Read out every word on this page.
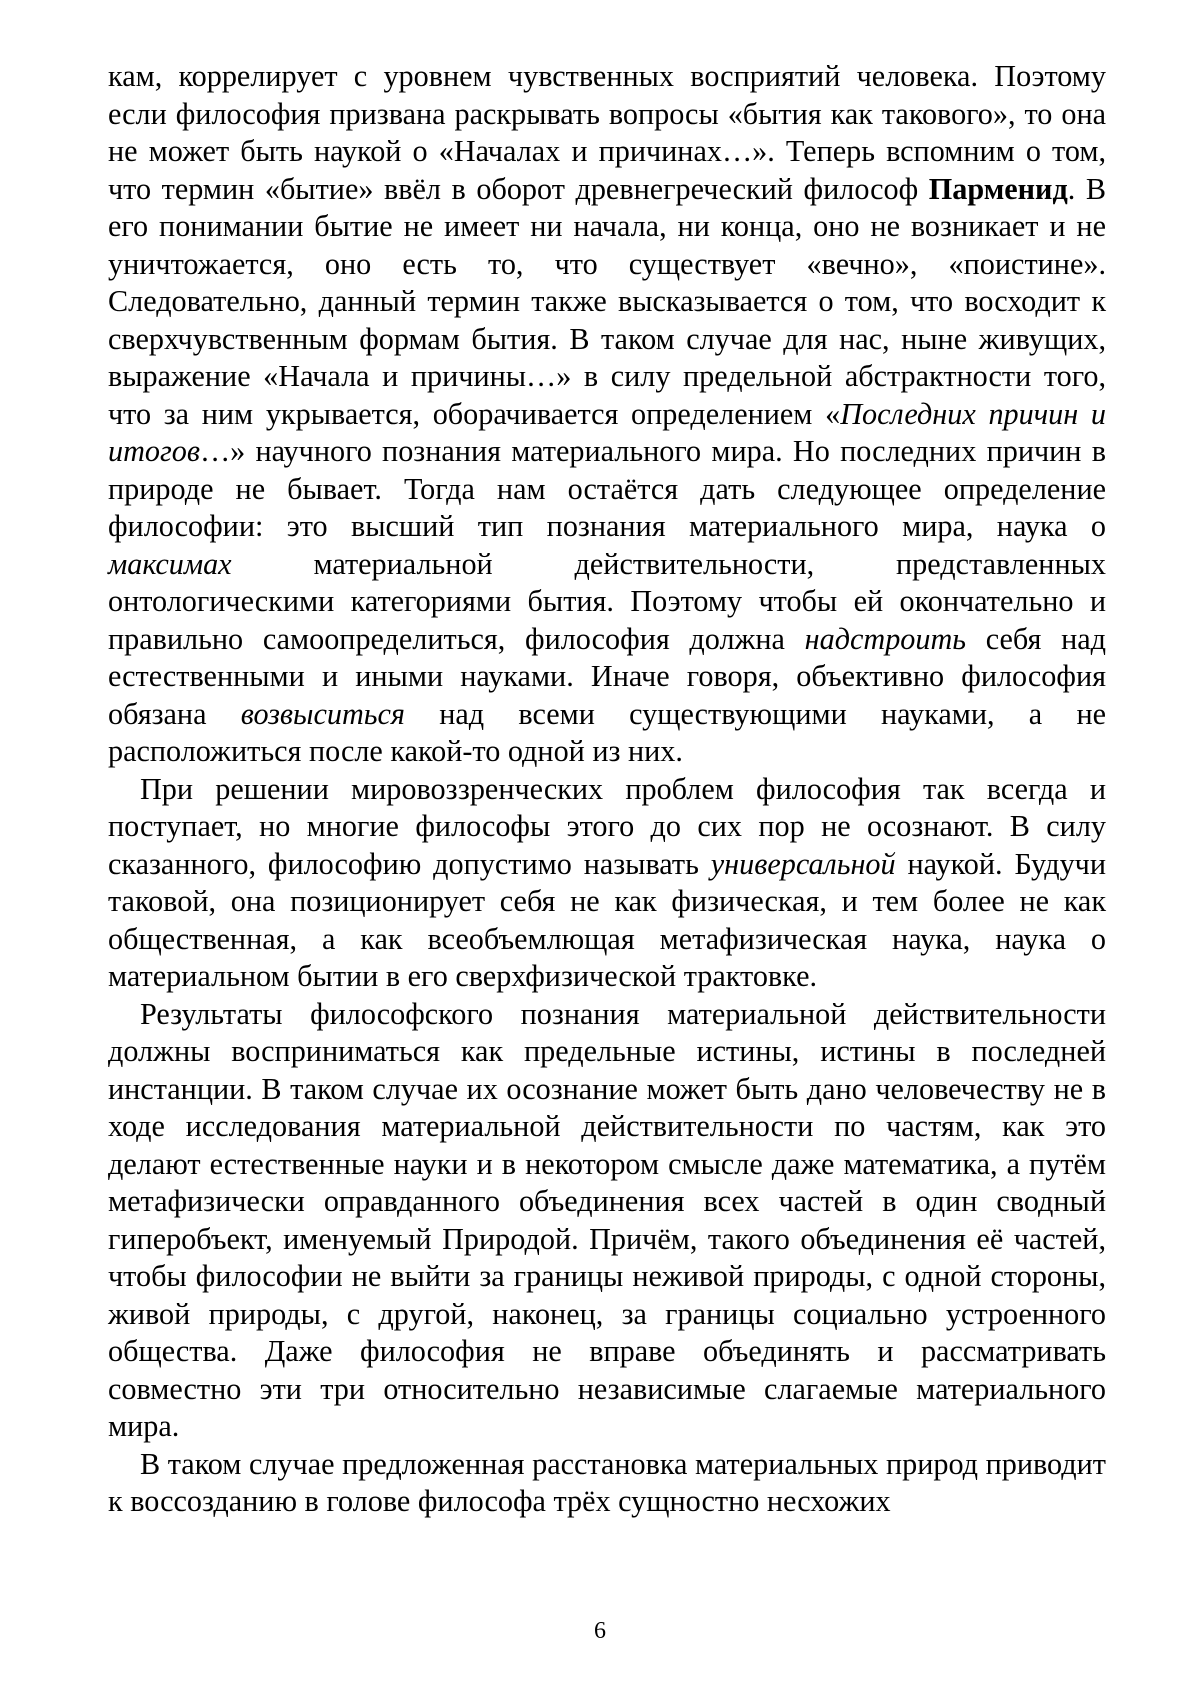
кам, коррелирует с уровнем чувственных восприятий человека. Поэтому если философия призвана раскрывать вопросы «бытия как такового», то она не может быть наукой о «Началах и причинах…». Теперь вспомним о том, что термин «бытие» ввёл в оборот древнегреческий философ Парменид. В его понимании бытие не имеет ни начала, ни конца, оно не возникает и не уничтожается, оно есть то, что существует «вечно», «поистине». Следовательно, данный термин также высказывается о том, что восходит к сверхчувственным формам бытия. В таком случае для нас, ныне живущих, выражение «Начала и причины…» в силу предельной абстрактности того, что за ним укрывается, оборачивается определением «Последних причин и итогов…» научного познания материального мира. Но последних причин в природе не бывает. Тогда нам остаётся дать следующее определение философии: это высший тип познания материального мира, наука о максимах материальной действительности, представленных онтологическими категориями бытия. Поэтому чтобы ей окончательно и правильно самоопределиться, философия должна надстроить себя над естественными и иными науками. Иначе говоря, объективно философия обязана возвыситься над всеми существующими науками, а не расположиться после какой-то одной из них.

При решении мировоззренческих проблем философия так всегда и поступает, но многие философы этого до сих пор не осознают. В силу сказанного, философию допустимо называть универсальной наукой. Будучи таковой, она позиционирует себя не как физическая, и тем более не как общественная, а как всеобъемлющая метафизическая наука, наука о материальном бытии в его сверхфизической трактовке.

Результаты философского познания материальной действительности должны восприниматься как предельные истины, истины в последней инстанции. В таком случае их осознание может быть дано человечеству не в ходе исследования материальной действительности по частям, как это делают естественные науки и в некотором смысле даже математика, а путём метафизически оправданного объединения всех частей в один сводный гиперобъект, именуемый Природой. Причём, такого объединения её частей, чтобы философии не выйти за границы неживой природы, с одной стороны, живой природы, с другой, наконец, за границы социально устроенного общества. Даже философия не вправе объединять и рассматривать совместно эти три относительно независимые слагаемые материального мира.

В таком случае предложенная расстановка материальных природ приводит к воссозданию в голове философа трёх сущностно несхожих

6
